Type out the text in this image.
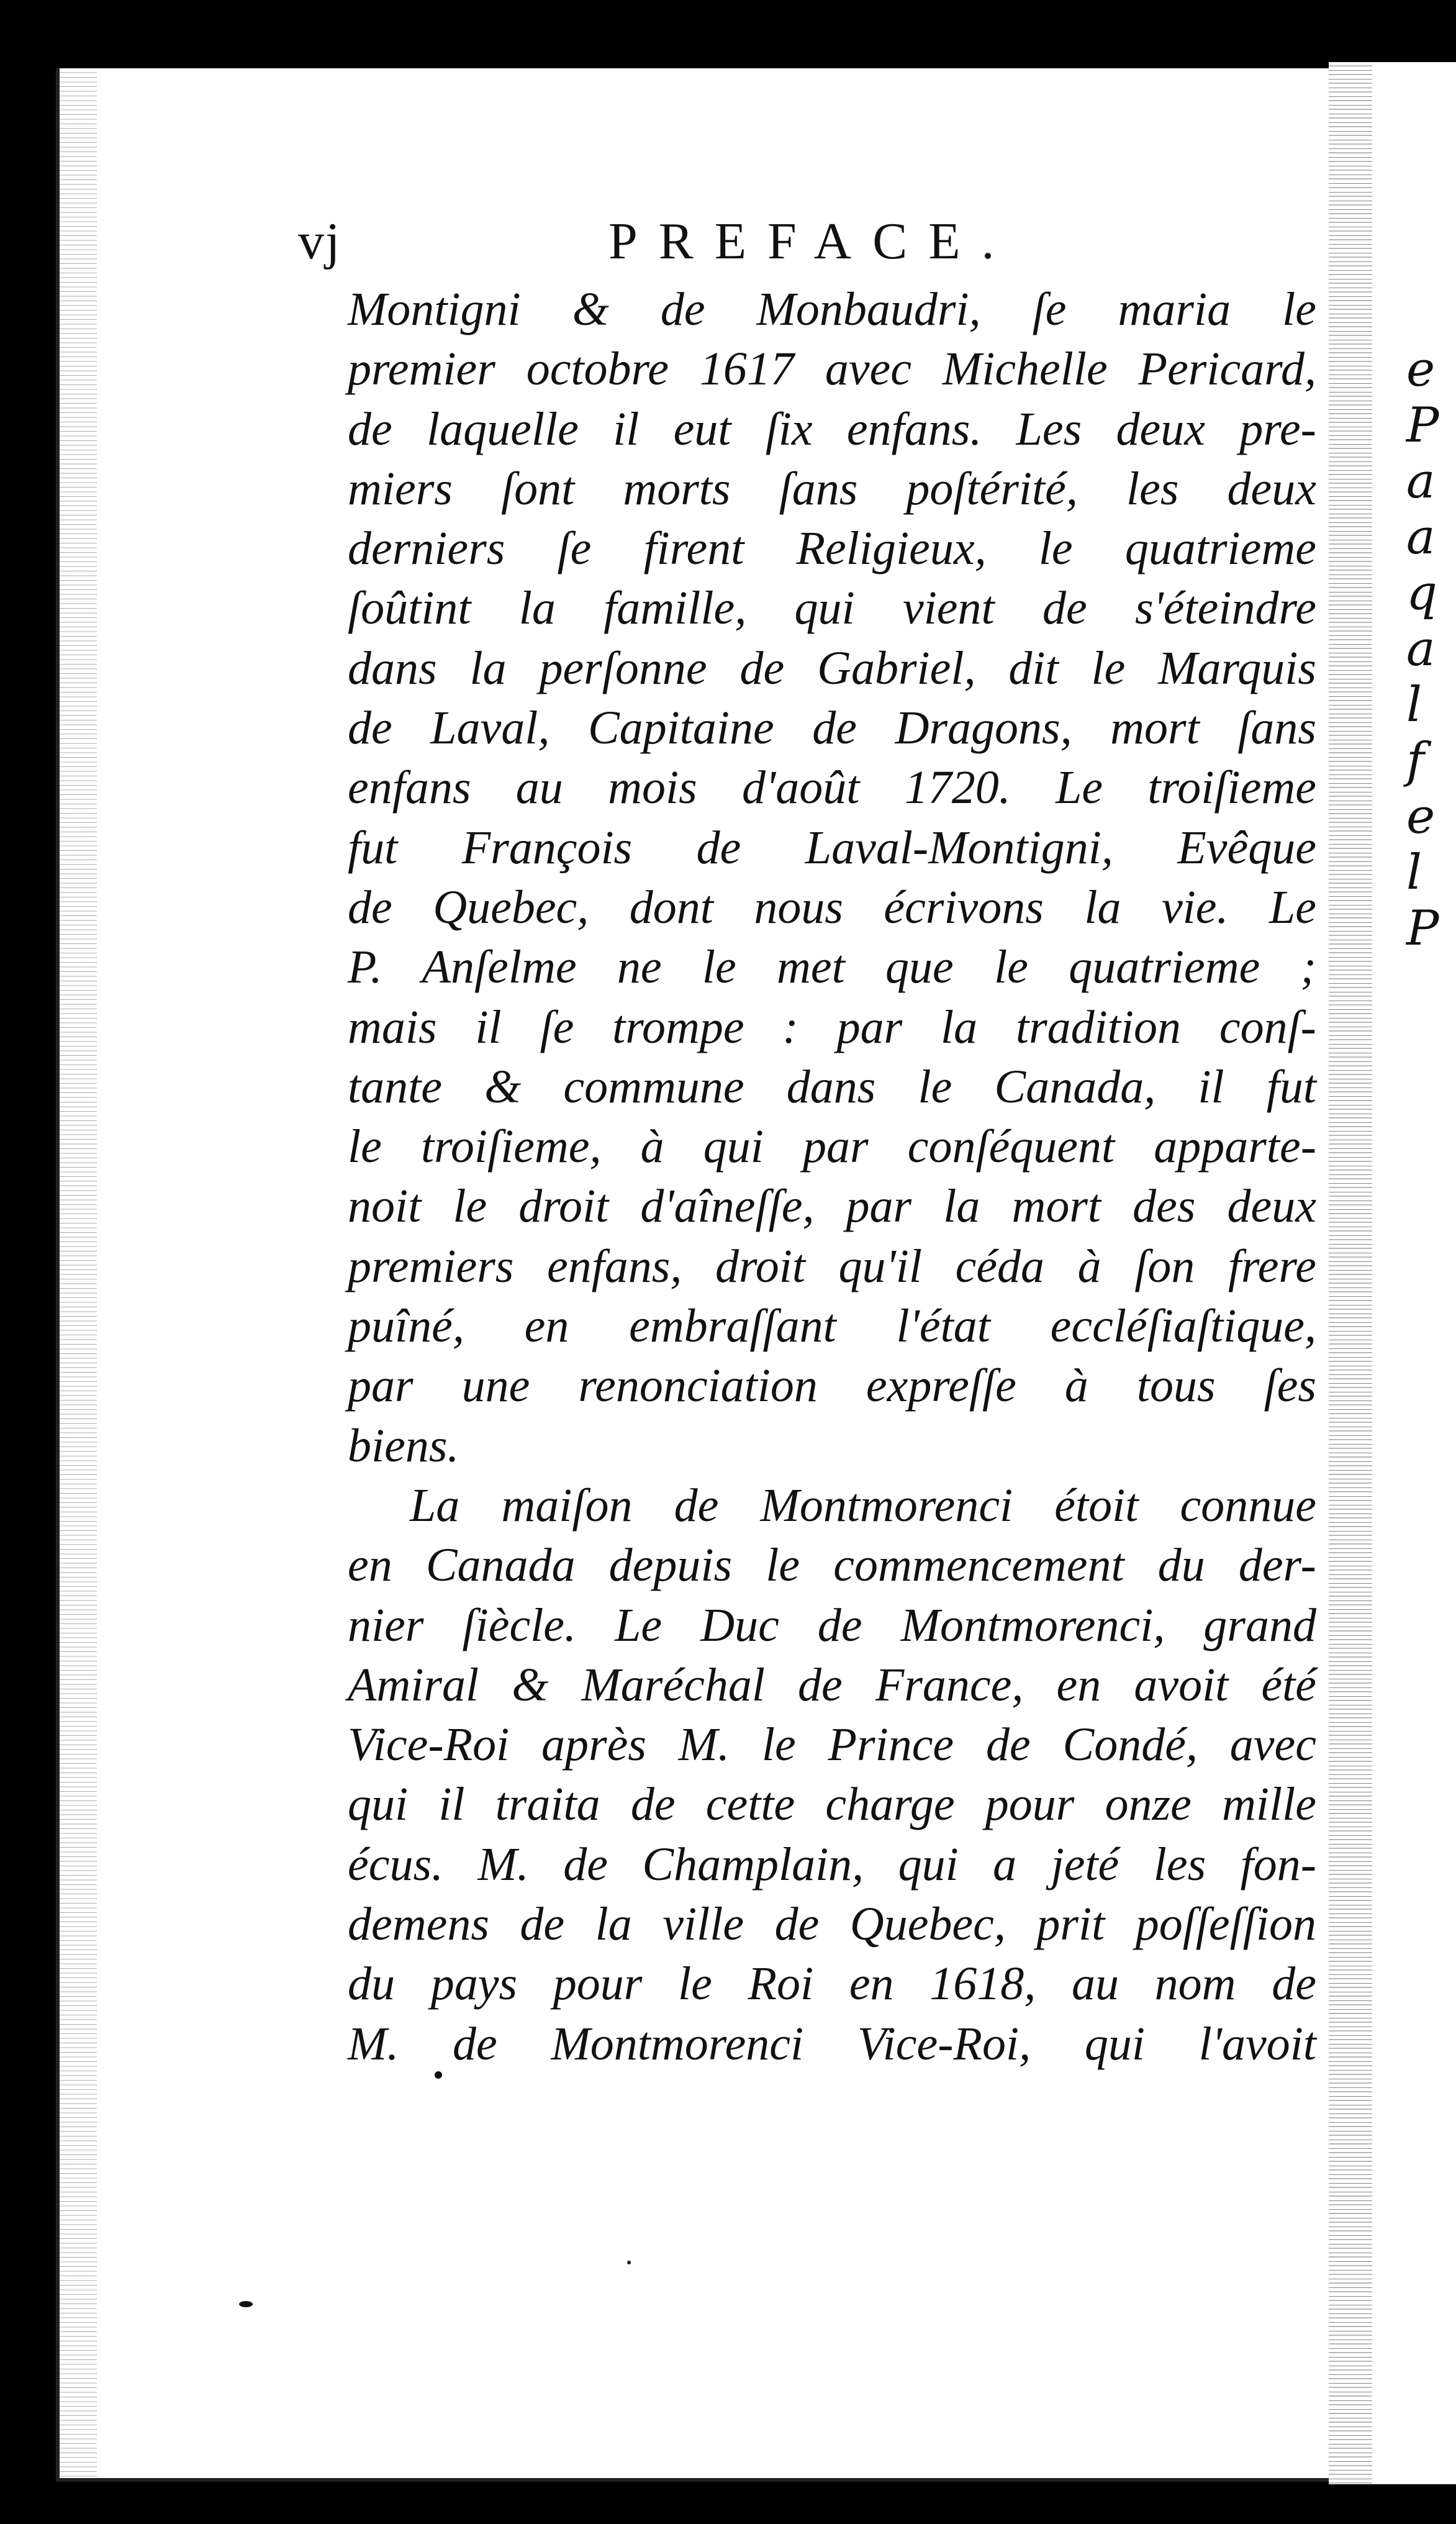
e
P
a
a
q
a
l
f
e
l
P
vj	PREFACE.
Montigni & de Monbaudri, ſe maria le
premier octobre 1617 avec Michelle Pericard,
de laquelle il eut ſix enfans. Les deux pre-
miers ſont morts ſans poſtérité, les deux
derniers ſe firent Religieux, le quatrieme
ſoûtint la famille, qui vient de s'éteindre
dans la perſonne de Gabriel, dit le Marquis
de Laval, Capitaine de Dragons, mort ſans
enfans au mois d'août 1720. Le troiſieme
fut François de Laval-Montigni, Evêque
de Quebec, dont nous écrivons la vie. Le
P. Anſelme ne le met que le quatrieme ;
mais il ſe trompe : par la tradition conſ-
tante & commune dans le Canada, il fut
le troiſieme, à qui par conſéquent apparte-
noit le droit d'aîneſſe, par la mort des deux
premiers enfans, droit qu'il céda à ſon frere
puîné, en embraſſant l'état eccléſiaſtique,
par une renonciation expreſſe à tous ſes
biens.
La maiſon de Montmorenci étoit connue
en Canada depuis le commencement du der-
nier ſiècle. Le Duc de Montmorenci, grand
Amiral & Maréchal de France, en avoit été
Vice-Roi après M. le Prince de Condé, avec
qui il traita de cette charge pour onze mille
écus. M. de Champlain, qui a jeté les fon-
demens de la ville de Quebec, prit poſſeſſion
du pays pour le Roi en 1618, au nom de
M. de Montmorenci Vice-Roi, qui l'avoit
